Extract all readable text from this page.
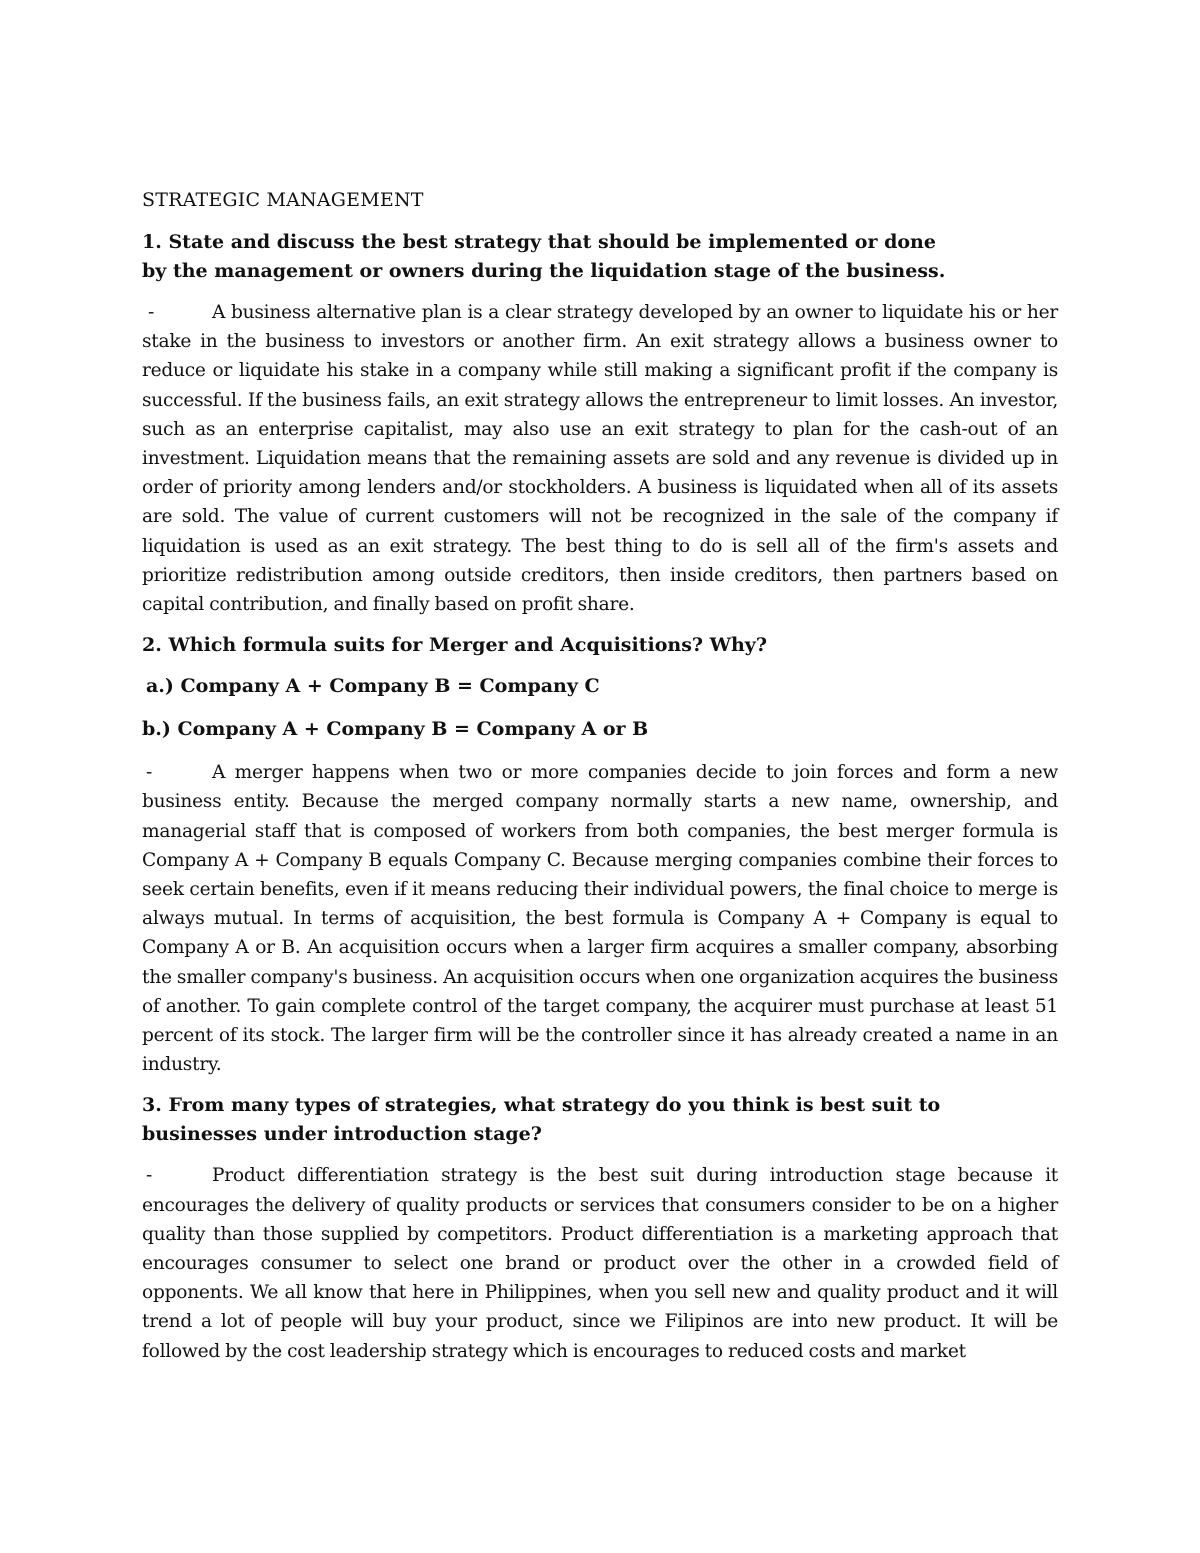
STRATEGIC MANAGEMENT
1. State and discuss the best strategy that should be implemented or done by the management or owners during the liquidation stage of the business.
-	A business alternative plan is a clear strategy developed by an owner to liquidate his or her stake in the business to investors or another firm. An exit strategy allows a business owner to reduce or liquidate his stake in a company while still making a significant profit if the company is successful. If the business fails, an exit strategy allows the entrepreneur to limit losses. An investor, such as an enterprise capitalist, may also use an exit strategy to plan for the cash-out of an investment. Liquidation means that the remaining assets are sold and any revenue is divided up in order of priority among lenders and/or stockholders. A business is liquidated when all of its assets are sold. The value of current customers will not be recognized in the sale of the company if liquidation is used as an exit strategy. The best thing to do is sell all of the firm's assets and prioritize redistribution among outside creditors, then inside creditors, then partners based on capital contribution, and finally based on profit share.
2. Which formula suits for Merger and Acquisitions? Why?
a.) Company A + Company B = Company C
b.) Company A + Company B = Company A or B
-	A merger happens when two or more companies decide to join forces and form a new business entity. Because the merged company normally starts a new name, ownership, and managerial staff that is composed of workers from both companies, the best merger formula is Company A + Company B equals Company C. Because merging companies combine their forces to seek certain benefits, even if it means reducing their individual powers, the final choice to merge is always mutual. In terms of acquisition, the best formula is Company A + Company is equal to Company A or B. An acquisition occurs when a larger firm acquires a smaller company, absorbing the smaller company's business. An acquisition occurs when one organization acquires the business of another. To gain complete control of the target company, the acquirer must purchase at least 51 percent of its stock. The larger firm will be the controller since it has already created a name in an industry.
3. From many types of strategies, what strategy do you think is best suit to businesses under introduction stage?
-	Product differentiation strategy is the best suit during introduction stage because it encourages the delivery of quality products or services that consumers consider to be on a higher quality than those supplied by competitors. Product differentiation is a marketing approach that encourages consumer to select one brand or product over the other in a crowded field of opponents. We all know that here in Philippines, when you sell new and quality product and it will trend a lot of people will buy your product, since we Filipinos are into new product. It will be followed by the cost leadership strategy which is encourages to reduced costs and market
